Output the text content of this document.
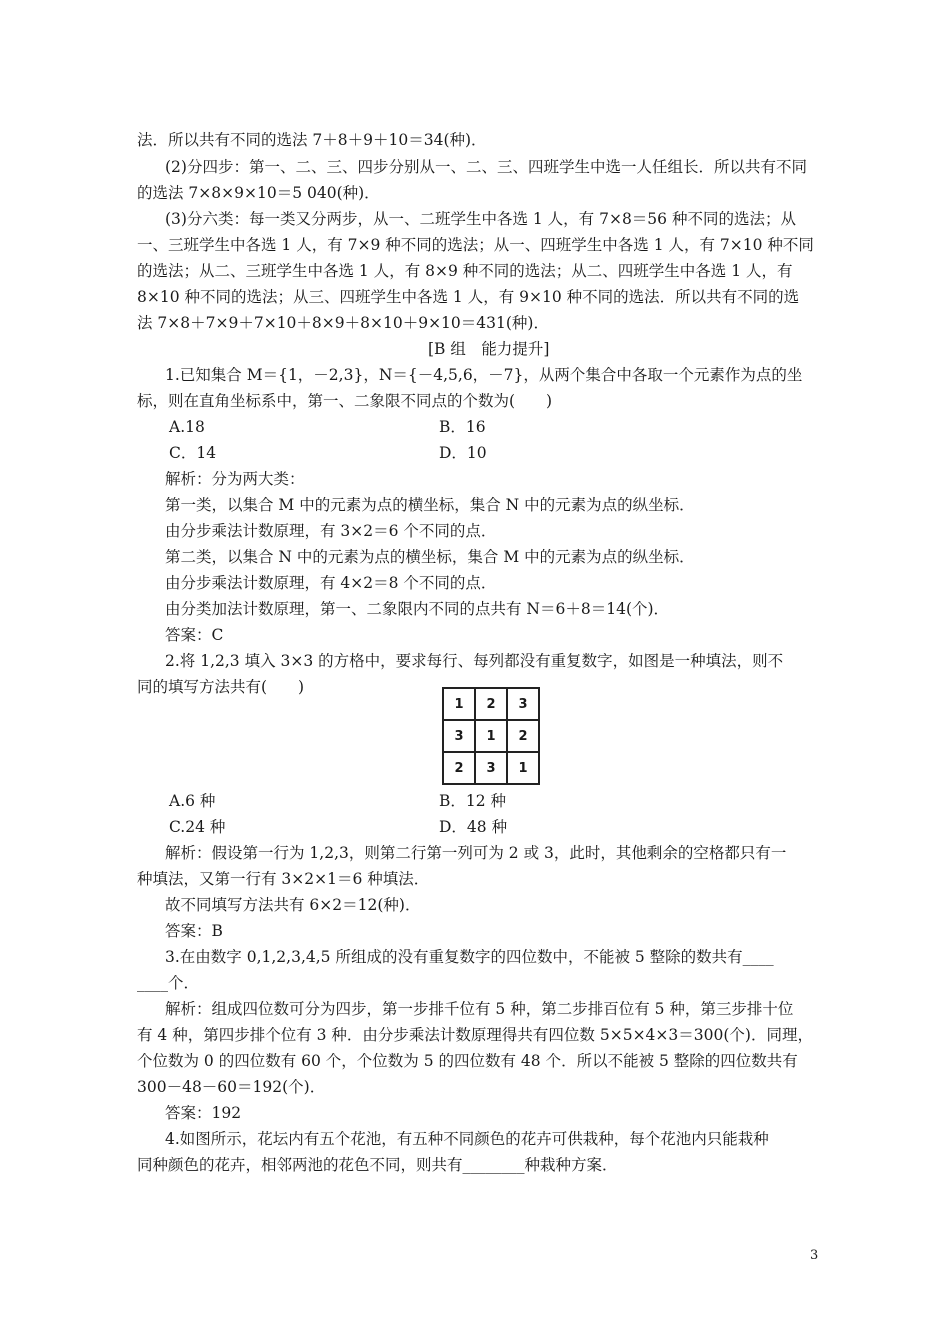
法．所以共有不同的选法 7＋8＋9＋10＝34(种)．
(2)分四步：第一、二、三、四步分别从一、二、三、四班学生中选一人任组长．所以共有不同
的选法 7×8×9×10＝5 040(种)．
(3)分六类：每一类又分两步，从一、二班学生中各选 1 人，有 7×8＝56 种不同的选法；从
一、三班学生中各选 1 人，有 7×9 种不同的选法；从一、四班学生中各选 1 人，有 7×10 种不同
的选法；从二、三班学生中各选 1 人，有 8×9 种不同的选法；从二、四班学生中各选 1 人，有
8×10 种不同的选法；从三、四班学生中各选 1 人，有 9×10 种不同的选法．所以共有不同的选
法 7×8＋7×9＋7×10＋8×9＋8×10＋9×10＝431(种)．
[B 组　能力提升]
1.已知集合 M＝{1，－2,3}，N＝{－4,5,6，－7}，从两个集合中各取一个元素作为点的坐
标，则在直角坐标系中，第一、二象限不同点的个数为(　　)
A.18	B．16
C．14	D．10
解析：分为两大类：
第一类，以集合 M 中的元素为点的横坐标，集合 N 中的元素为点的纵坐标．
由分步乘法计数原理，有 3×2＝6 个不同的点．
第二类，以集合 N 中的元素为点的横坐标，集合 M 中的元素为点的纵坐标．
由分步乘法计数原理，有 4×2＝8 个不同的点．
由分类加法计数原理，第一、二象限内不同的点共有 N＝6＋8＝14(个)．
答案：C
2.将 1,2,3 填入 3×3 的方格中，要求每行、每列都没有重复数字，如图是一种填法，则不
同的填写方法共有(　　)
1	2	3
3	1	2
2	3	1
A.6 种	B．12 种
C.24 种	D．48 种
解析：假设第一行为 1,2,3，则第二行第一列可为 2 或 3，此时，其他剩余的空格都只有一
种填法，又第一行有 3×2×1＝6 种填法．
故不同填写方法共有 6×2＝12(种)．
答案：B
3.在由数字 0,1,2,3,4,5 所组成的没有重复数字的四位数中，不能被 5 整除的数共有____
____个．
解析：组成四位数可分为四步，第一步排千位有 5 种，第二步排百位有 5 种，第三步排十位
有 4 种，第四步排个位有 3 种．由分步乘法计数原理得共有四位数 5×5×4×3＝300(个)．同理，
个位数为 0 的四位数有 60 个，个位数为 5 的四位数有 48 个．所以不能被 5 整除的四位数共有
300－48－60＝192(个)．
答案：192
4.如图所示，花坛内有五个花池，有五种不同颜色的花卉可供栽种，每个花池内只能栽种
同种颜色的花卉，相邻两池的花色不同，则共有________种栽种方案．
3
